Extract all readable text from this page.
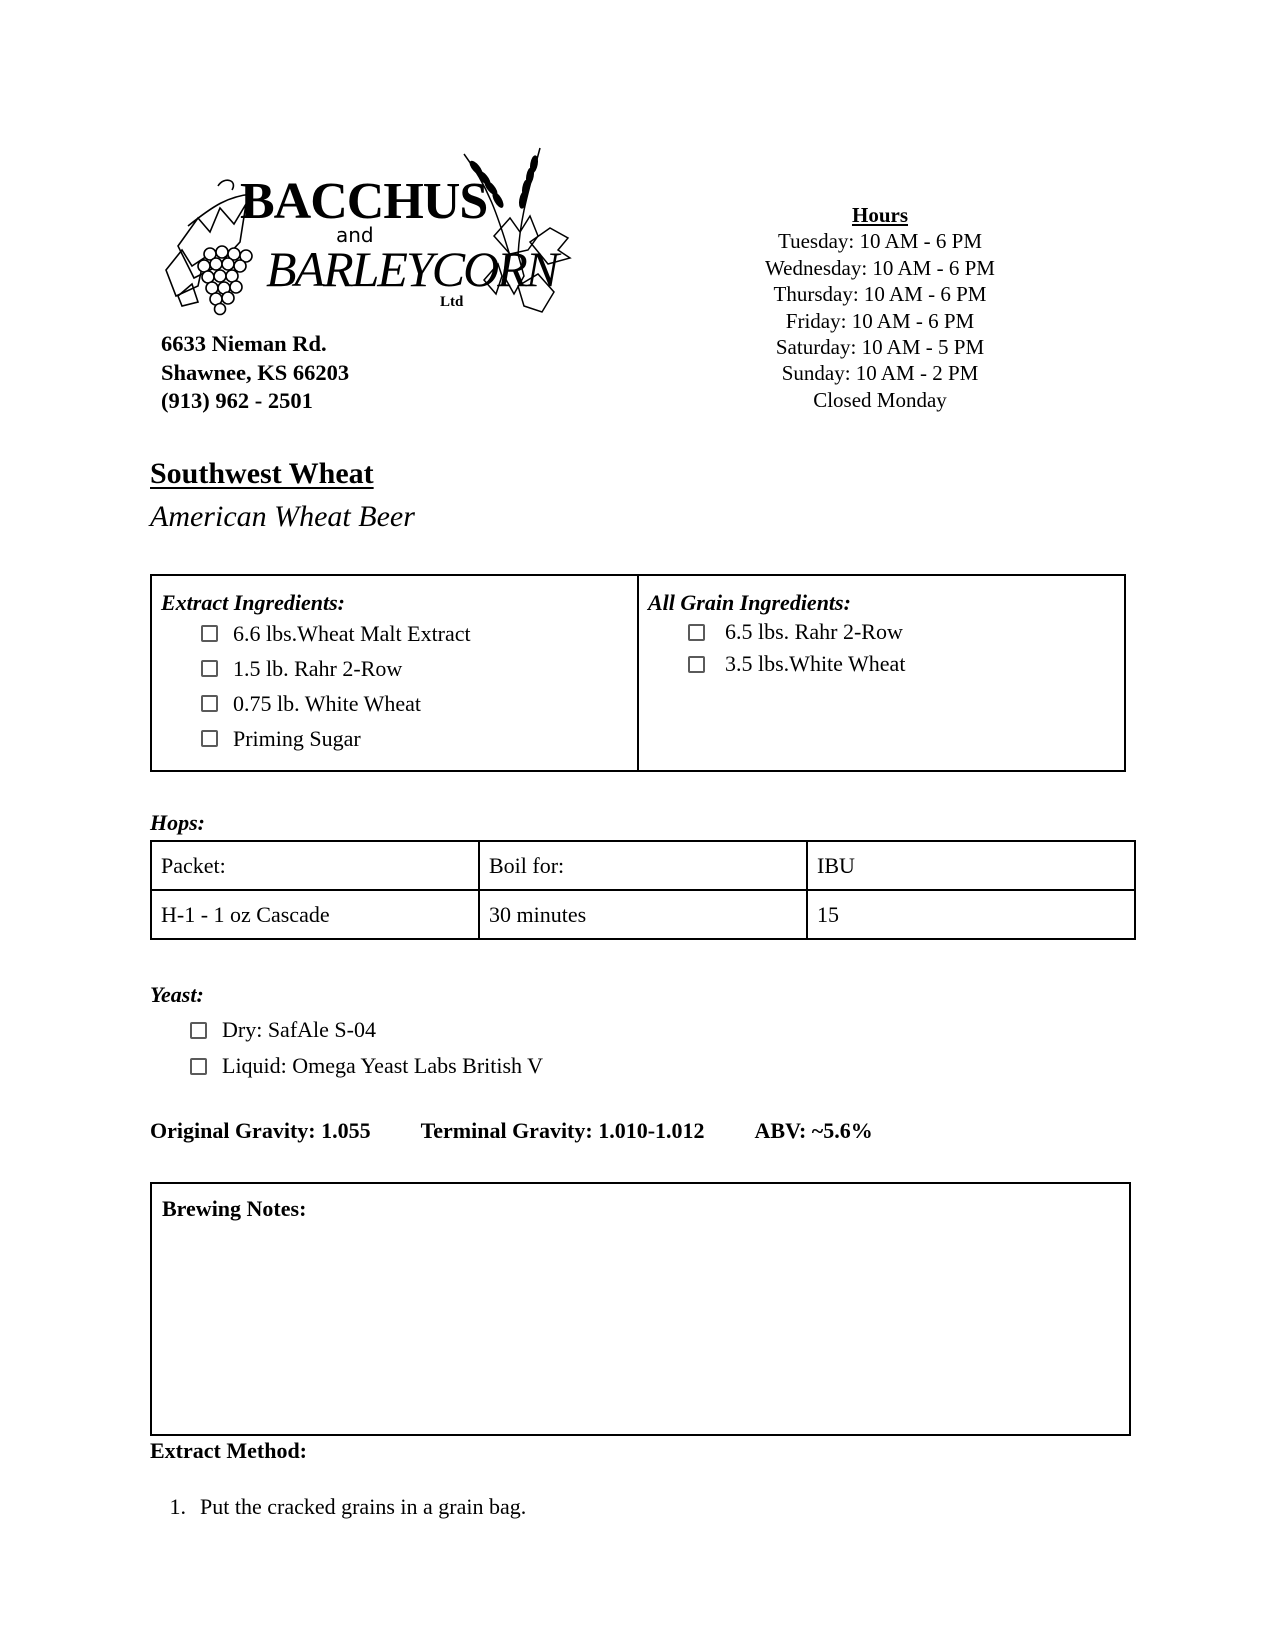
BACCHUS
and
BARLEYCORN
Ltd
6633 Nieman Rd.
Shawnee, KS 66203
(913) 962 - 2501
Hours
Tuesday: 10 AM - 6 PM
Wednesday: 10 AM - 6 PM
Thursday: 10 AM - 6 PM
Friday: 10 AM - 6 PM
Saturday: 10 AM - 5 PM
Sunday: 10 AM - 2 PM
Closed Monday
Southwest Wheat
American Wheat Beer
Extract Ingredients:
6.6 lbs.Wheat Malt Extract
1.5 lb. Rahr 2-Row
0.75 lb. White Wheat
Priming Sugar
All Grain Ingredients:
6.5 lbs. Rahr 2-Row
3.5 lbs.White Wheat
Hops:
Packet:	Boil for:	IBU
H-1 - 1 oz Cascade	30 minutes	15
Yeast:
Dry: SafAle S-04
Liquid: Omega Yeast Labs British V
Original Gravity: 1.055 Terminal Gravity: 1.010-1.012 ABV: ~5.6%
Brewing Notes:
Extract Method:
1. Put the cracked grains in a grain bag.
